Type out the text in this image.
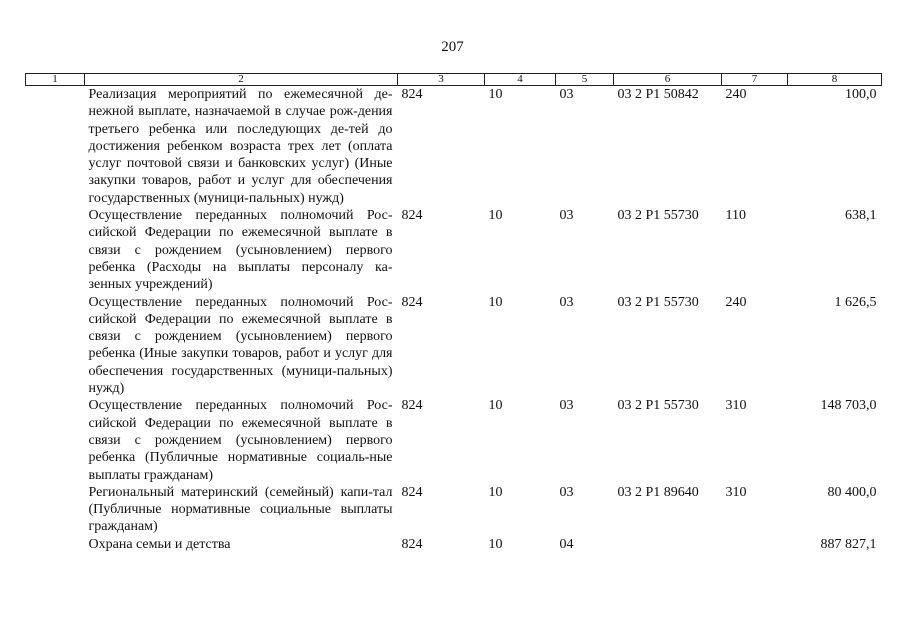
207
1	2	3	4	5	6	7	8
	Реализация мероприятий по ежемесячной де-нежной выплате, назначаемой в случае рож-дения третьего ребенка или последующих де-тей до достижения ребенком возраста трех лет (оплата услуг почтовой связи и банковских услуг) (Иные закупки товаров, работ и услуг для обеспечения государственных (муници-пальных) нужд)	824	10	03	03 2 P1 50842	240	100,0
	Осуществление переданных полномочий Рос-сийской Федерации по ежемесячной выплате в связи с рождением (усыновлением) первого ребенка (Расходы на выплаты персоналу ка-зенных учреждений)	824	10	03	03 2 P1 55730	110	638,1
	Осуществление переданных полномочий Рос-сийской Федерации по ежемесячной выплате в связи с рождением (усыновлением) первого ребенка (Иные закупки товаров, работ и услуг для обеспечения государственных (муници-пальных) нужд)	824	10	03	03 2 P1 55730	240	1 626,5
	Осуществление переданных полномочий Рос-сийской Федерации по ежемесячной выплате в связи с рождением (усыновлением) первого ребенка (Публичные нормативные социаль-ные выплаты гражданам)	824	10	03	03 2 P1 55730	310	148 703,0
	Региональный материнский (семейный) капи-тал (Публичные нормативные социальные выплаты гражданам)	824	10	03	03 2 P1 89640	310	80 400,0
	Охрана семьи и детства	824	10	04			887 827,1
